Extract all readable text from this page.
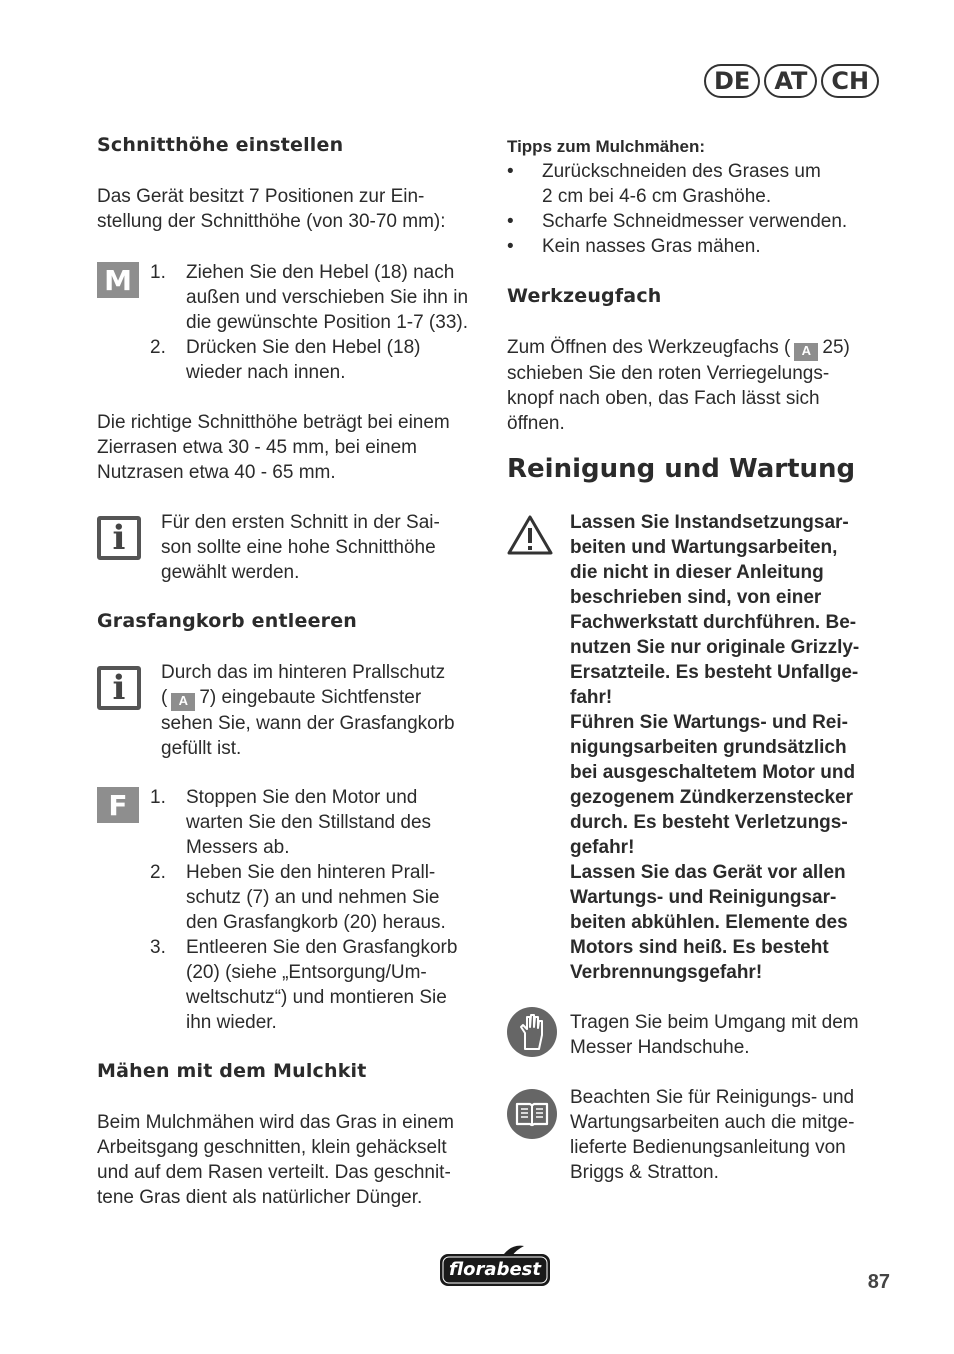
DE	AT	CH
Schnitthöhe einstellen

Das Gerät besitzt 7 Positionen zur Ein-

stellung der Schnitthöhe (von 30-70 mm):

M 1. Ziehen Sie den Hebel (18) nach

außen und verschieben Sie ihn in

die gewünschte Position 1-7 (33).

2. Drücken Sie den Hebel (18)

wieder nach innen.

Die richtige Schnitthöhe beträgt bei einem

Zierrasen etwa 30 - 45 mm, bei einem

Nutzrasen etwa 40 - 65 mm.

i Für den ersten Schnitt in der Sai-

son sollte eine hohe Schnitthöhe

gewählt werden.

Grasfangkorb entleeren
i Durch das im hinteren Prallschutz

( A 7) eingebaute Sichtfenster

sehen Sie, wann der Grasfangkorb

gefüllt ist.

F	1. Stoppen Sie den Motor und

warten Sie den Stillstand des

Messers ab.

2. Heben Sie den hinteren Prall-

schutz (7) an und nehmen Sie

den Grasfangkorb (20) heraus.

3. Entleeren Sie den Grasfangkorb

(20) (siehe „Entsorgung/Um-

weltschutz“) und montieren Sie

ihn wieder.

Mähen mit dem Mulchkit

Beim Mulchmähen wird das Gras in einem

Arbeitsgang geschnitten, klein gehäckselt

und auf dem Rasen verteilt. Das geschnit-

tene Gras dient als natürlicher Dünger.

Tipps zum Mulchmähen:

• Zurückschneiden des Grases um

2 cm bei 4-6 cm Grashöhe.

• Scharfe Schneidmesser verwenden.

• Kein nasses Gras mähen.

Werkzeugfach

Zum Öffnen des Werkzeugfachs ( A 25)

schieben Sie den roten Verriegelungs-

knopf nach oben, das Fach lässt sich

öffnen.

Reinigung und Wartung

Lassen Sie Instandsetzungsar-

beiten und Wartungsarbeiten,

die nicht in dieser Anleitung

beschrieben sind, von einer

Fachwerkstatt durchführen. Be-

nutzen Sie nur originale Grizzly-

Ersatzteile. Es besteht Unfallge-

fahr!

Führen Sie Wartungs- und Rei-

nigungsarbeiten grundsätzlich

bei ausgeschaltetem Motor und

gezogenem Zündkerzenstecker

durch. Es besteht Verletzungs-

gefahr!

Lassen Sie das Gerät vor allen

Wartungs- und Reinigungsar-

beiten abkühlen. Elemente des

Motors sind heiß. Es besteht

Verbrennungsgefahr!

Tragen Sie beim Umgang mit dem

Messer Handschuhe.

Beachten Sie für Reinigungs- und

Wartungsarbeiten auch die mitge-

lieferte Bedienungsanleitung von

Briggs & Stratton.

florabest
87
